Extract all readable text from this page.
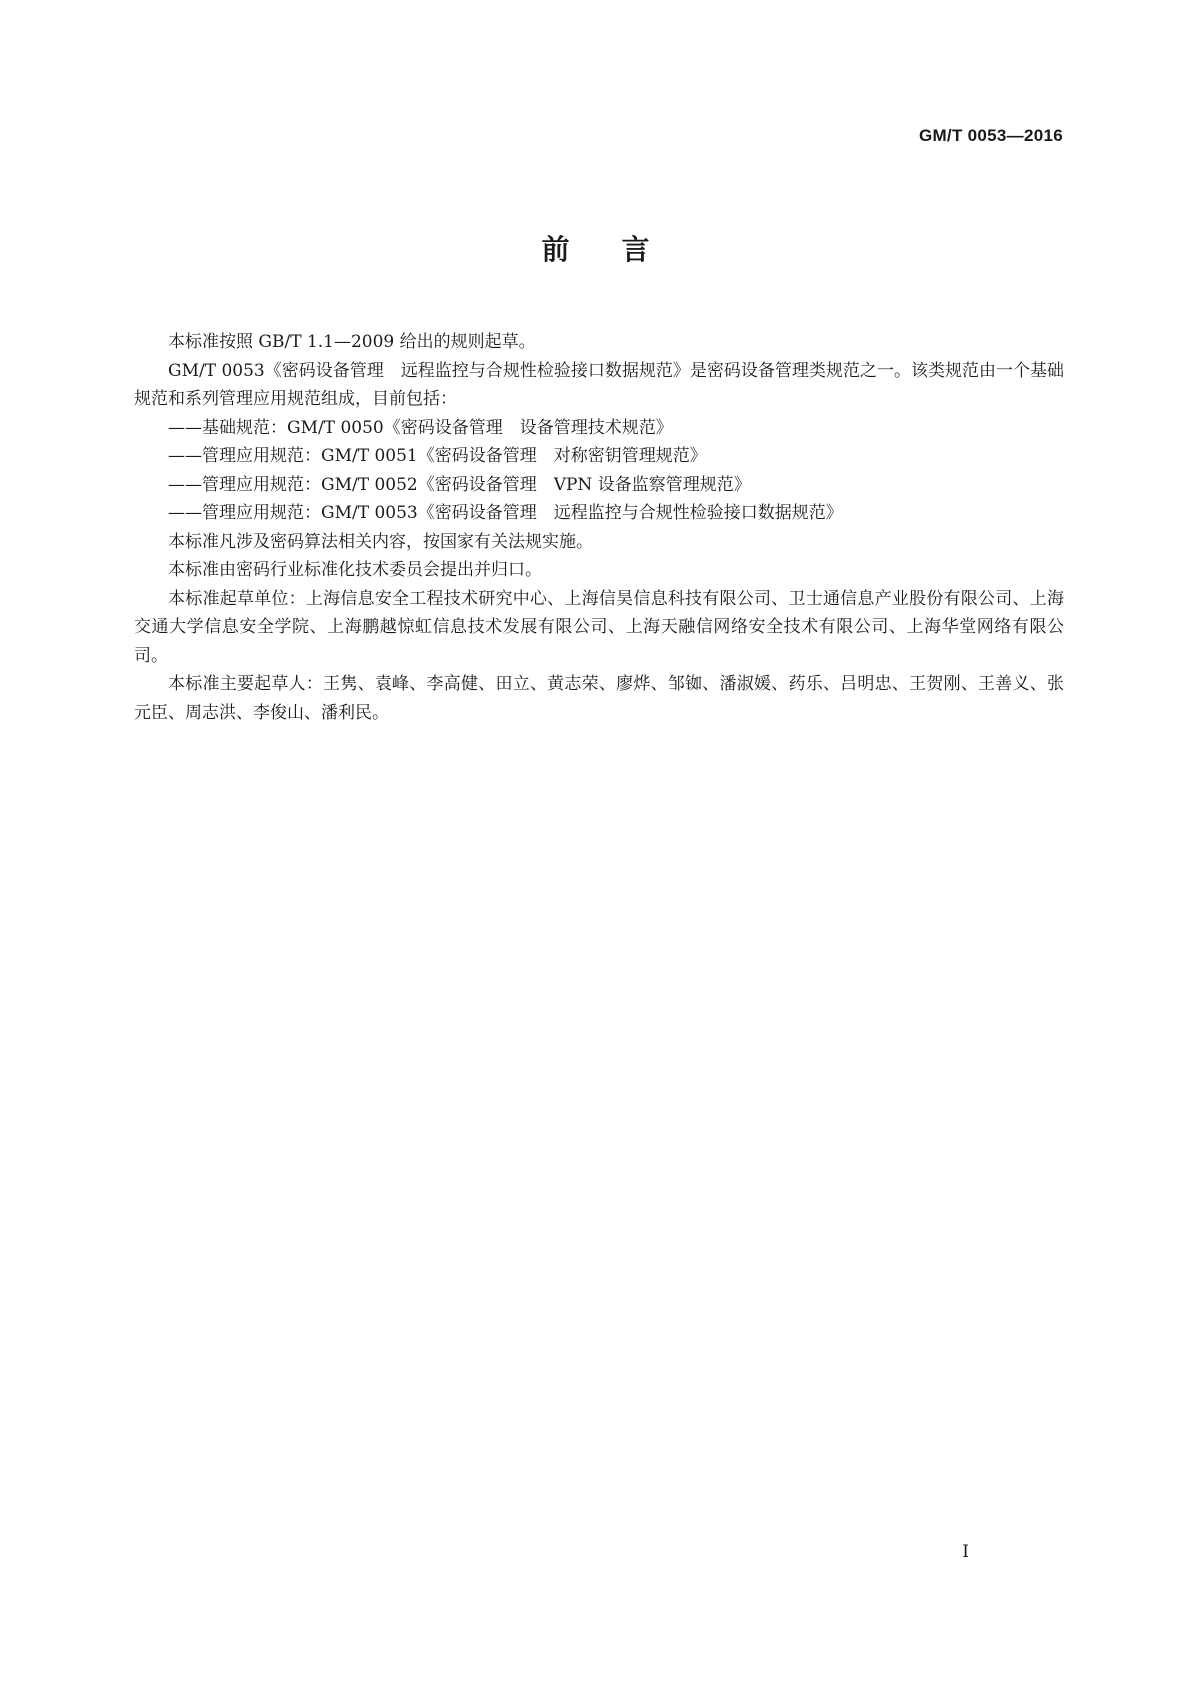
GM/T 0053—2016
前言

本标准按照 GB/T 1.1—2009 给出的规则起草。

GM/T 0053《密码设备管理　远程监控与合规性检验接口数据规范》是密码设备管理类规范之一。该类规范由一个基础规范和系列管理应用规范组成，目前包括：

——基础规范：GM/T 0050《密码设备管理　设备管理技术规范》

——管理应用规范：GM/T 0051《密码设备管理　对称密钥管理规范》

——管理应用规范：GM/T 0052《密码设备管理　VPN 设备监察管理规范》

——管理应用规范：GM/T 0053《密码设备管理　远程监控与合规性检验接口数据规范》

本标准凡涉及密码算法相关内容，按国家有关法规实施。

本标准由密码行业标准化技术委员会提出并归口。

本标准起草单位：上海信息安全工程技术研究中心、上海信昊信息科技有限公司、卫士通信息产业股份有限公司、上海交通大学信息安全学院、上海鹏越惊虹信息技术发展有限公司、上海天融信网络安全技术有限公司、上海华堂网络有限公司。

本标准主要起草人：王隽、袁峰、李高健、田立、黄志荣、廖烨、邹铷、潘淑媛、药乐、吕明忠、王贺刚、王善义、张元臣、周志洪、李俊山、潘利民。

I
